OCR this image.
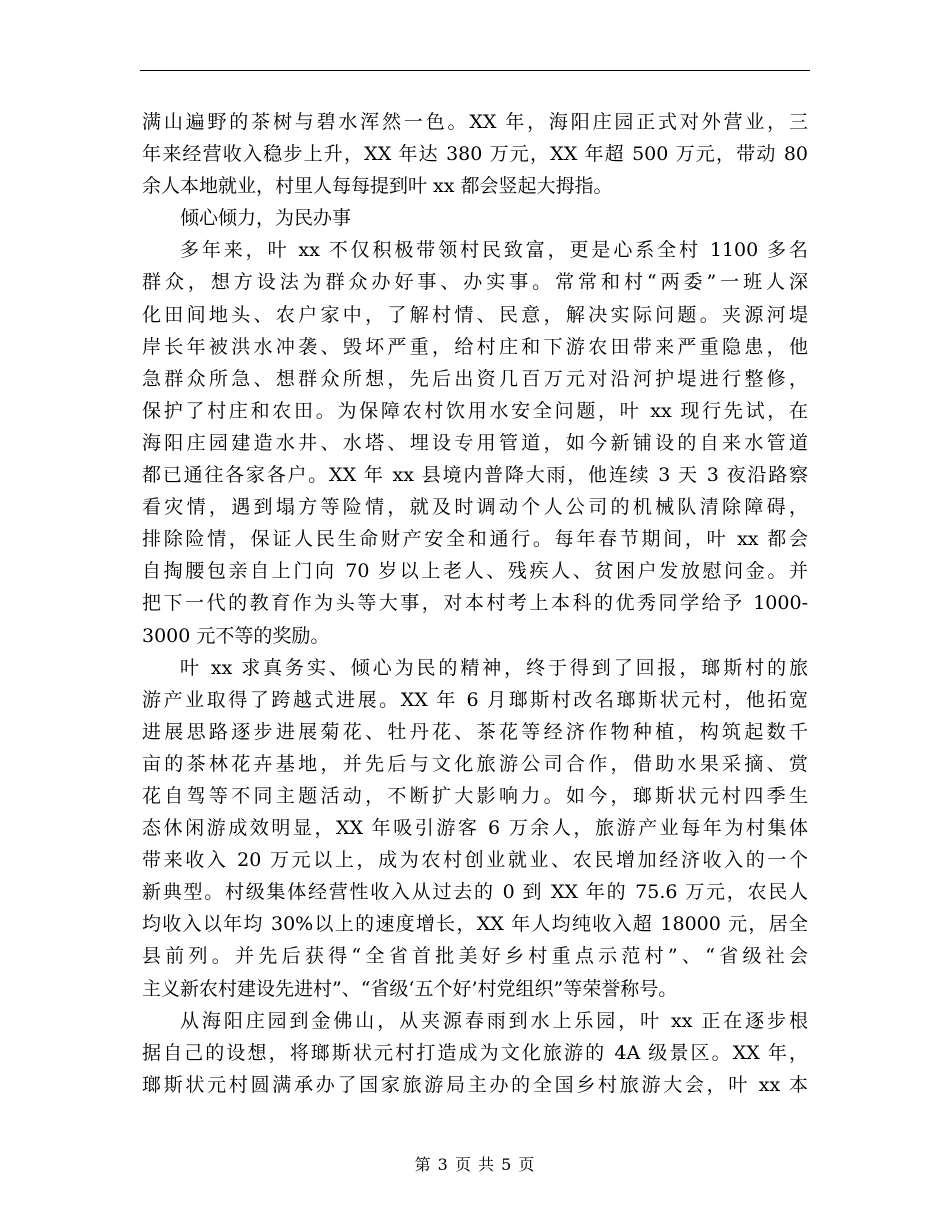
满山遍野的茶树与碧水浑然一色。XX 年，海阳庄园正式对外营业，三
年来经营收入稳步上升，XX 年达 380 万元，XX 年超 500 万元，带动 80
余人本地就业，村里人每每提到叶 xx 都会竖起大拇指。
倾心倾力，为民办事
多年来，叶 xx 不仅积极带领村民致富，更是心系全村 1100 多名
群众，想方设法为群众办好事、办实事。常常和村“两委”一班人深
化田间地头、农户家中，了解村情、民意，解决实际问题。夹源河堤
岸长年被洪水冲袭、毁坏严重，给村庄和下游农田带来严重隐患，他
急群众所急、想群众所想，先后出资几百万元对沿河护堤进行整修，
保护了村庄和农田。为保障农村饮用水安全问题，叶 xx 现行先试，在
海阳庄园建造水井、水塔、埋设专用管道，如今新铺设的自来水管道
都已通往各家各户。XX 年 xx 县境内普降大雨，他连续 3 天 3 夜沿路察
看灾情，遇到塌方等险情，就及时调动个人公司的机械队清除障碍，
排除险情，保证人民生命财产安全和通行。每年春节期间，叶 xx 都会
自掏腰包亲自上门向 70 岁以上老人、残疾人、贫困户发放慰问金。并
把下一代的教育作为头等大事，对本村考上本科的优秀同学给予 1000-
3000 元不等的奖励。
叶 xx 求真务实、倾心为民的精神，终于得到了回报，瑯斯村的旅
游产业取得了跨越式进展。XX 年 6 月瑯斯村改名瑯斯状元村，他拓宽
进展思路逐步进展菊花、牡丹花、茶花等经济作物种植，构筑起数千
亩的茶林花卉基地，并先后与文化旅游公司合作，借助水果采摘、赏
花自驾等不同主题活动，不断扩大影响力。如今，瑯斯状元村四季生
态休闲游成效明显，XX 年吸引游客 6 万余人，旅游产业每年为村集体
带来收入 20 万元以上，成为农村创业就业、农民增加经济收入的一个
新典型。村级集体经营性收入从过去的 0 到 XX 年的 75.6 万元，农民人
均收入以年均 30%以上的速度增长，XX 年人均纯收入超 18000 元，居全
县前列。并先后获得“全省首批美好乡村重点示范村”、“省级社会
主义新农村建设先进村”、“省级‘五个好’村党组织”等荣誉称号。
从海阳庄园到金佛山，从夹源春雨到水上乐园，叶 xx 正在逐步根
据自己的设想，将瑯斯状元村打造成为文化旅游的 4A 级景区。XX 年，
瑯斯状元村圆满承办了国家旅游局主办的全国乡村旅游大会，叶 xx 本
第 3 页 共 5 页
